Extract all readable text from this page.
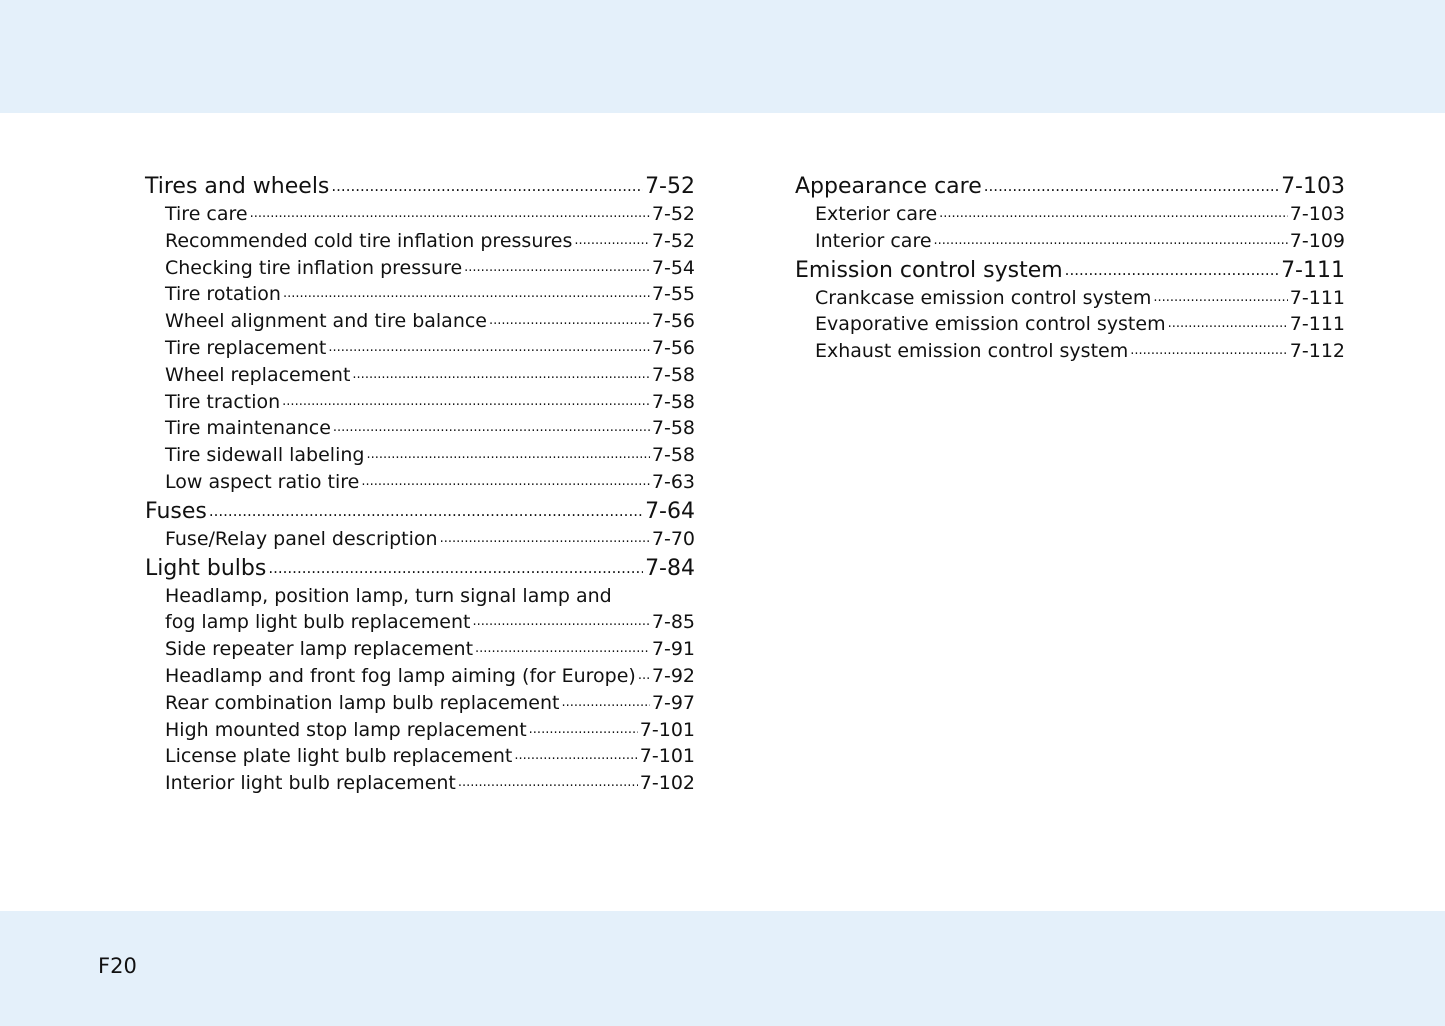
Tires and wheels .....	7-52
Tire care .....	7-52
Recommended cold tire inflation pressures .....	7-52
Checking tire inflation pressure .....	7-54
Tire rotation .....	7-55
Wheel alignment and tire balance .....	7-56
Tire replacement .....	7-56
Wheel replacement .....	7-58
Tire traction .....	7-58
Tire maintenance .....	7-58
Tire sidewall labeling .....	7-58
Low aspect ratio tire .....	7-63
Fuses .....	7-64
Fuse/Relay panel description .....	7-70
Light bulbs .....	7-84
Headlamp, position lamp, turn signal lamp and
fog lamp light bulb replacement .....	7-85
Side repeater lamp replacement .....	7-91
Headlamp and front fog lamp aiming (for Europe) ..... 7-92
Rear combination lamp bulb replacement .....	7-97
High mounted stop lamp replacement .....	7-101
License plate light bulb replacement .....	7-101
Interior light bulb replacement .....	7-102
Appearance care .....	7-103
Exterior care .....	7-103
Interior care .....	7-109
Emission control system .....	7-111
Crankcase emission control system .....	7-111
Evaporative emission control system .....	7-111
Exhaust emission control system .....	7-112
F20
